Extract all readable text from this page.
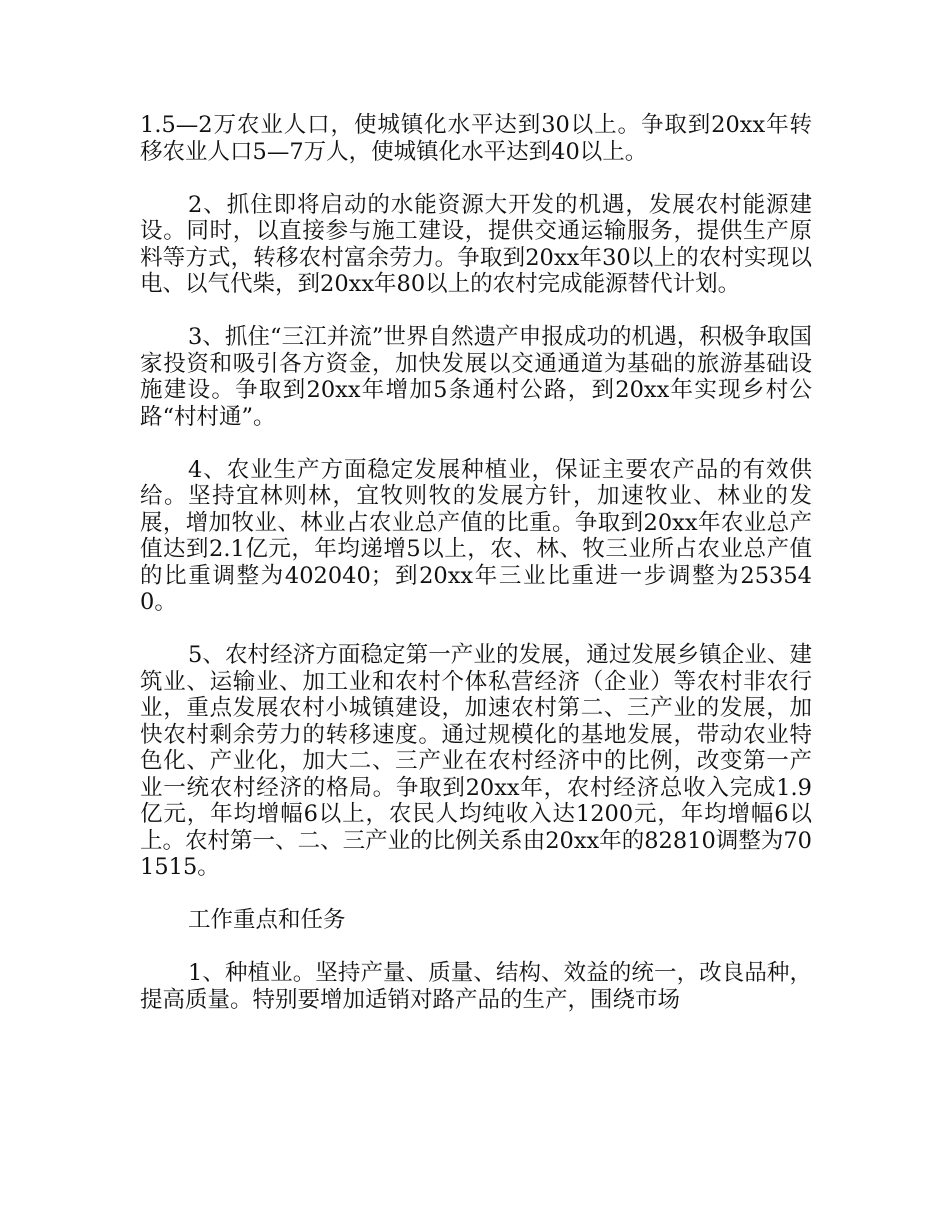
1.5—2万农业人口，使城镇化水平达到30以上。争取到20xx年转移农业人口5—7万人，使城镇化水平达到40以上。

2、抓住即将启动的水能资源大开发的机遇，发展农村能源建设。同时，以直接参与施工建设，提供交通运输服务，提供生产原料等方式，转移农村富余劳力。争取到20xx年30以上的农村实现以电、以气代柴，到20xx年80以上的农村完成能源替代计划。

3、抓住“三江并流”世界自然遗产申报成功的机遇，积极争取国家投资和吸引各方资金，加快发展以交通通道为基础的旅游基础设施建设。争取到20xx年增加5条通村公路，到20xx年实现乡村公路“村村通”。

4、农业生产方面稳定发展种植业，保证主要农产品的有效供给。坚持宜林则林，宜牧则牧的发展方针，加速牧业、林业的发展，增加牧业、林业占农业总产值的比重。争取到20xx年农业总产值达到2.1亿元，年均递增5以上，农、林、牧三业所占农业总产值的比重调整为402040；到20xx年三业比重进一步调整为253540。

5、农村经济方面稳定第一产业的发展，通过发展乡镇企业、建筑业、运输业、加工业和农村个体私营经济（企业）等农村非农行业，重点发展农村小城镇建设，加速农村第二、三产业的发展，加快农村剩余劳力的转移速度。通过规模化的基地发展，带动农业特色化、产业化，加大二、三产业在农村经济中的比例，改变第一产业一统农村经济的格局。争取到20xx年，农村经济总收入完成1.9亿元，年均增幅6以上，农民人均纯收入达1200元，年均增幅6以上。农村第一、二、三产业的比例关系由20xx年的82810调整为701515。

工作重点和任务

1、种植业。坚持产量、质量、结构、效益的统一，改良品种，提高质量。特别要增加适销对路产品的生产，围绕市场
